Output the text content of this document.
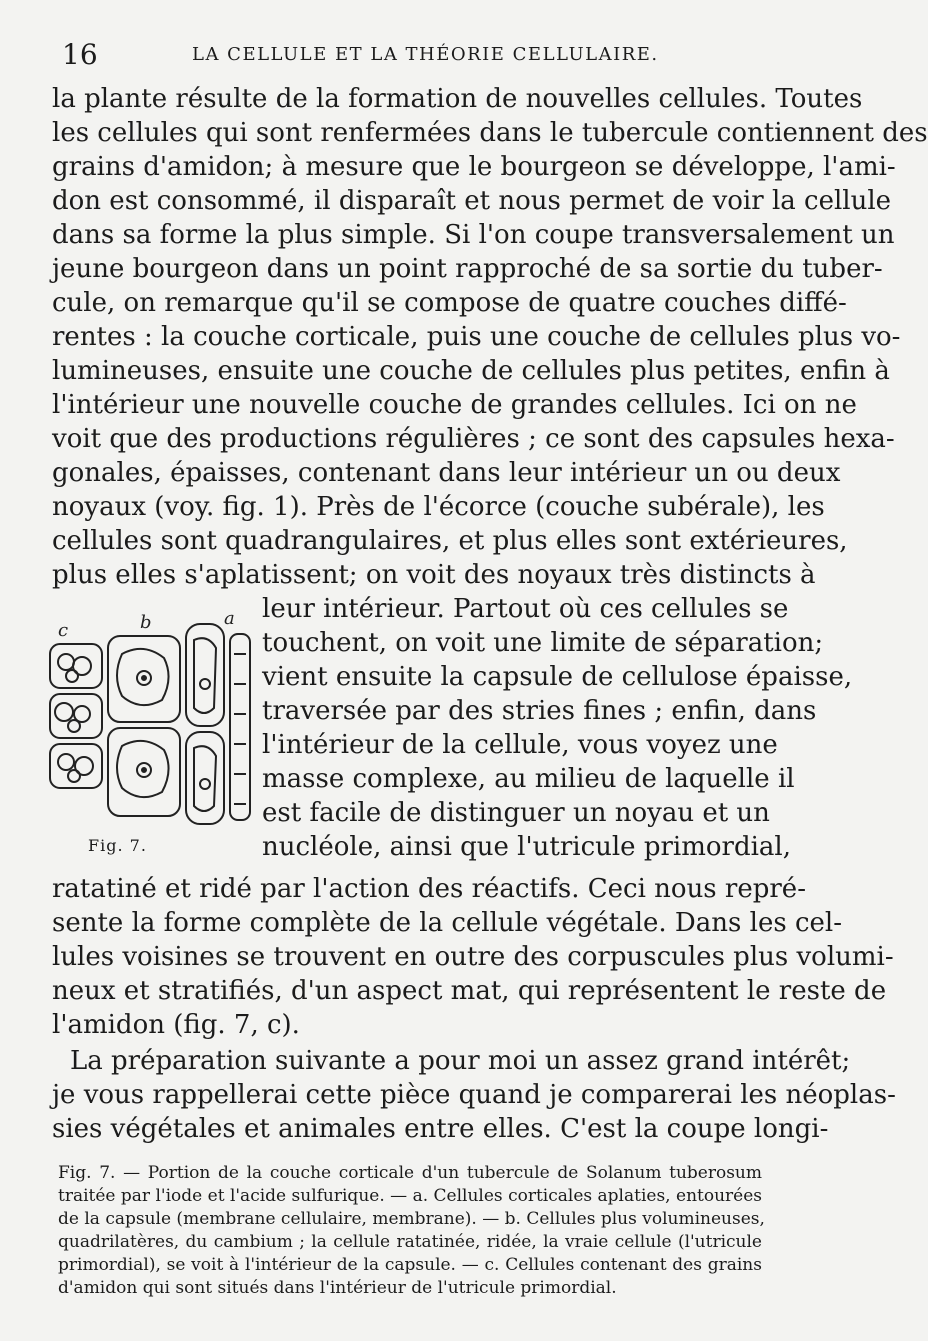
16	LA CELLULE ET LA THÉORIE CELLULAIRE.
la plante résulte de la formation de nouvelles cellules. Toutes
les cellules qui sont renfermées dans le tubercule contiennent des
grains d'amidon; à mesure que le bourgeon se développe, l'ami-
don est consommé, il disparaît et nous permet de voir la cellule
dans sa forme la plus simple. Si l'on coupe transversalement un
jeune bourgeon dans un point rapproché de sa sortie du tuber-
cule, on remarque qu'il se compose de quatre couches diffé-
rentes : la couche corticale, puis une couche de cellules plus vo-
lumineuses, ensuite une couche de cellules plus petites, enfin à
l'intérieur une nouvelle couche de grandes cellules. Ici on ne
voit que des productions régulières ; ce sont des capsules hexa-
gonales, épaisses, contenant dans leur intérieur un ou deux
noyaux (voy. fig. 1). Près de l'écorce (couche subérale), les
cellules sont quadrangulaires, et plus elles sont extérieures,
plus elles s'aplatissent; on voit des noyaux très distincts à
c	b	a
Fig. 7.
leur intérieur. Partout où ces cellules se
touchent, on voit une limite de séparation;
vient ensuite la capsule de cellulose épaisse,
traversée par des stries fines ; enfin, dans
l'intérieur de la cellule, vous voyez une
masse complexe, au milieu de laquelle il
est facile de distinguer un noyau et un
nucléole, ainsi que l'utricule primordial,
ratatiné et ridé par l'action des réactifs. Ceci nous repré-
sente la forme complète de la cellule végétale. Dans les cel-
lules voisines se trouvent en outre des corpuscules plus volumi-
neux et stratifiés, d'un aspect mat, qui représentent le reste de
l'amidon (fig. 7, c).
La préparation suivante a pour moi un assez grand intérêt;
je vous rappellerai cette pièce quand je comparerai les néoplas-
sies végétales et animales entre elles. C'est la coupe longi-
Fig. 7. — Portion de la couche corticale d'un tubercule de Solanum tuberosum
traitée par l'iode et l'acide sulfurique. — a. Cellules corticales aplaties, entourées
de la capsule (membrane cellulaire, membrane). — b. Cellules plus volumineuses,
quadrilatères, du cambium ; la cellule ratatinée, ridée, la vraie cellule (l'utricule
primordial), se voit à l'intérieur de la capsule. — c. Cellules contenant des grains
d'amidon qui sont situés dans l'intérieur de l'utricule primordial.
